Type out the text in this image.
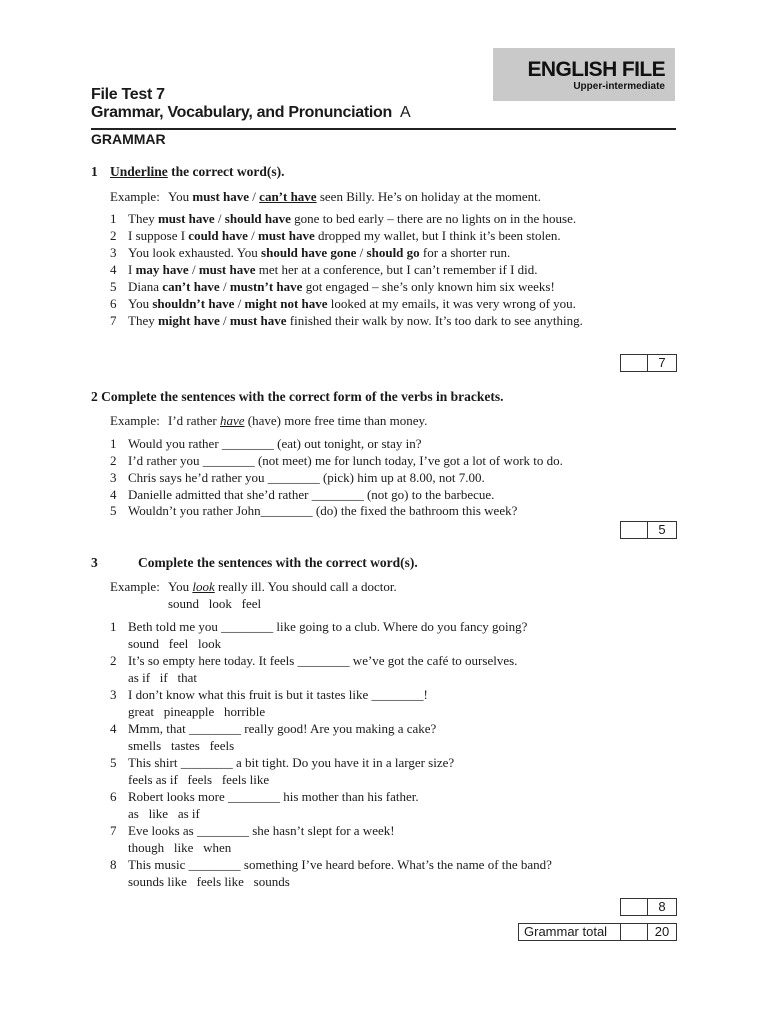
ENGLISH FILE
Upper-intermediate
File Test 7
Grammar, Vocabulary, and Pronunciation A
GRAMMAR
1 Underline the correct word(s).
Example: You must have / can’t have seen Billy. He’s on holiday at the moment.
1 They must have / should have gone to bed early – there are no lights on in the house.
2 I suppose I could have / must have dropped my wallet, but I think it’s been stolen.
3 You look exhausted. You should have gone / should go for a shorter run.
4 I may have / must have met her at a conference, but I can’t remember if I did.
5 Diana can’t have / mustn’t have got engaged – she’s only known him six weeks!
6 You shouldn’t have / might not have looked at my emails, it was very wrong of you.
7 They might have / must have finished their walk by now. It’s too dark to see anything.
7
2 Complete the sentences with the correct form of the verbs in brackets.
Example: I’d rather have (have) more free time than money.
1 Would you rather ________ (eat) out tonight, or stay in?
2 I’d rather you ________ (not meet) me for lunch today, I’ve got a lot of work to do.
3 Chris says he’d rather you ________ (pick) him up at 8.00, not 7.00.
4 Danielle admitted that she’d rather ________ (not go) to the barbecue.
5 Wouldn’t you rather John________ (do) the fixed the bathroom this week?
5
3	Complete the sentences with the correct word(s).
Example: You look really ill. You should call a doctor.
sound   look   feel
1 Beth told me you ________ like going to a club. Where do you fancy going?
sound   feel   look
2 It’s so empty here today. It feels ________ we’ve got the café to ourselves.
as if   if   that
3 I don’t know what this fruit is but it tastes like ________!
great   pineapple   horrible
4 Mmm, that ________ really good! Are you making a cake?
smells   tastes   feels
5 This shirt ________ a bit tight. Do you have it in a larger size?
feels as if   feels   feels like
6 Robert looks more ________ his mother than his father.
as   like   as if
7 Eve looks as ________ she hasn’t slept for a week!
though   like   when
8 This music ________ something I’ve heard before. What’s the name of the band?
sounds like   feels like   sounds
8
Grammar total	20
